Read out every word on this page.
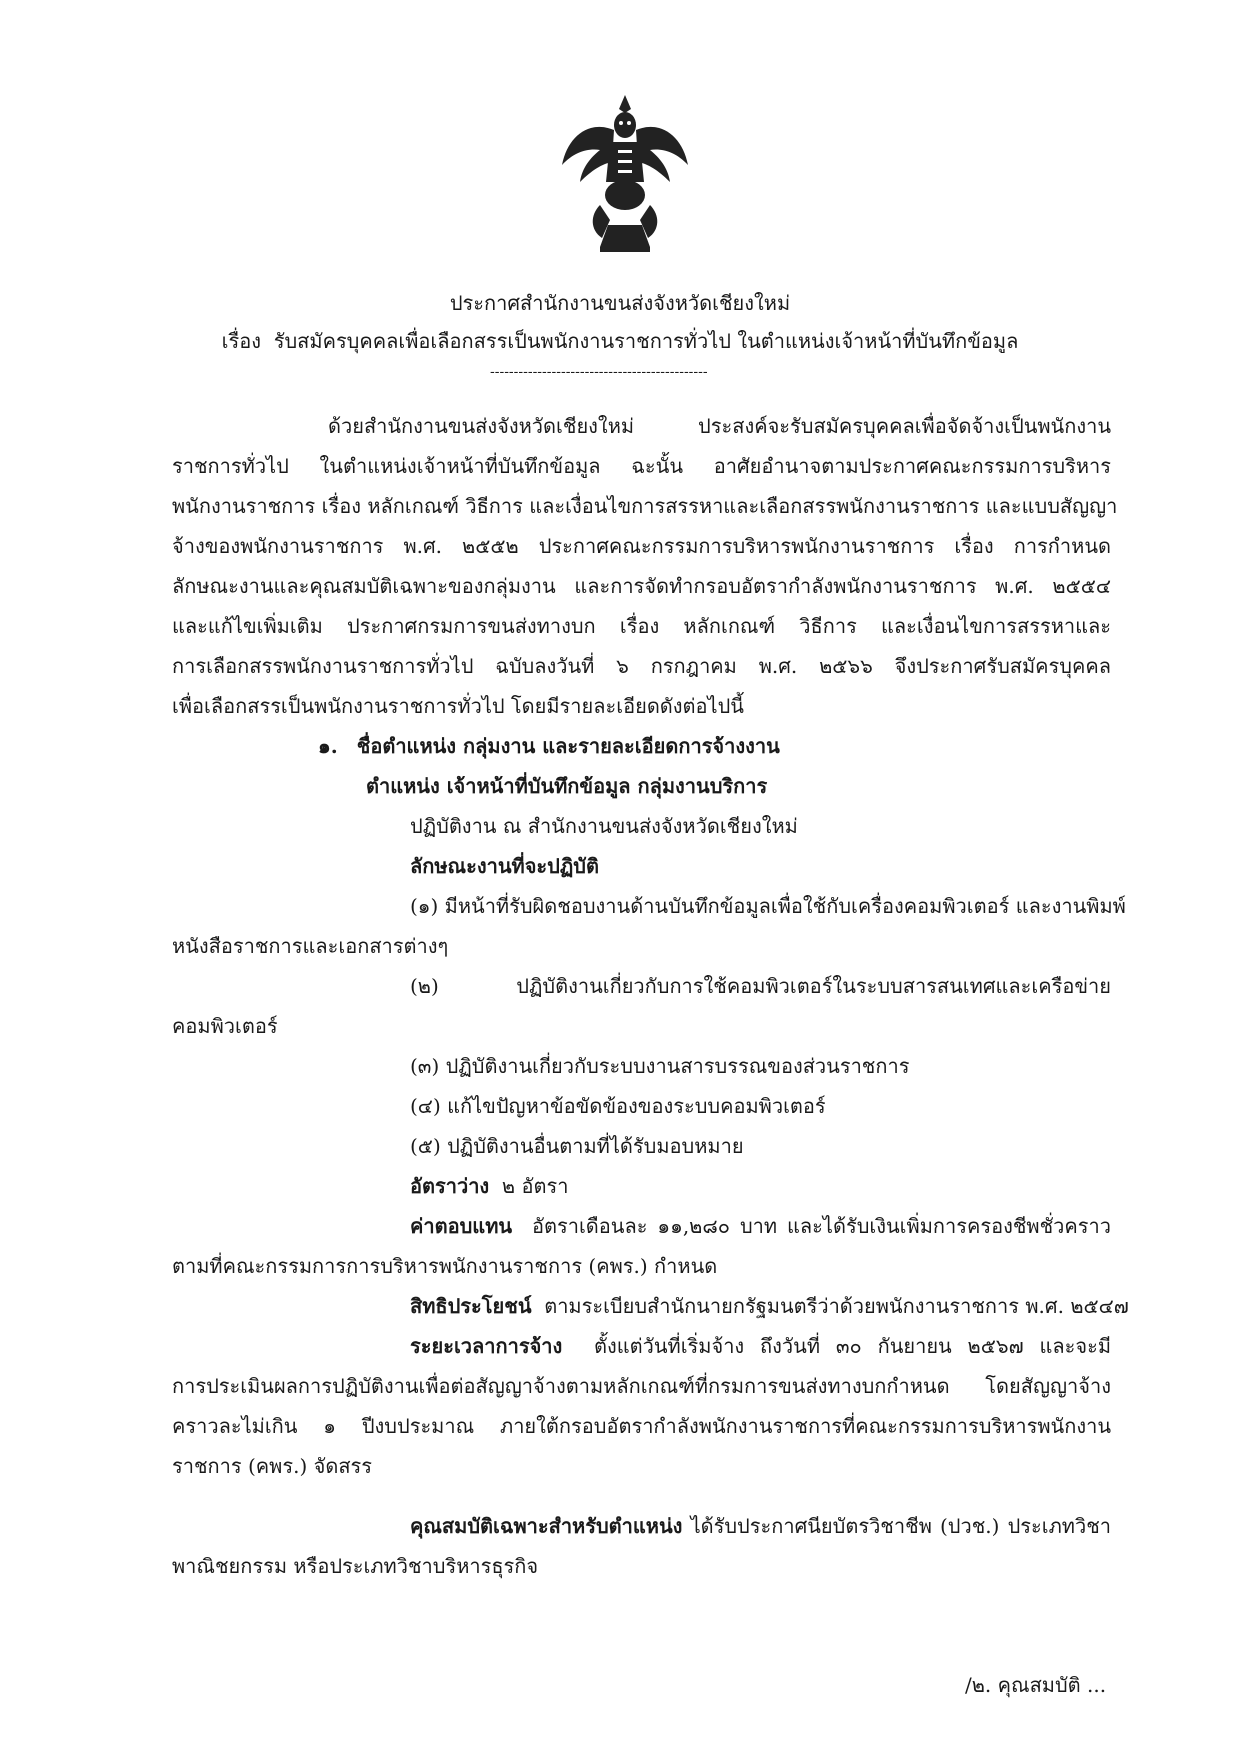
ประกาศสำนักงานขนส่งจังหวัดเชียงใหม่
เรื่อง รับสมัครบุคคลเพื่อเลือกสรรเป็นพนักงานราชการทั่วไป ในตำแหน่งเจ้าหน้าที่บันทึกข้อมูล
----------------------------------------------
ด้วยสำนักงานขนส่งจังหวัดเชียงใหม่ ประสงค์จะรับสมัครบุคคลเพื่อจัดจ้างเป็นพนักงาน
ราชการทั่วไป ในตำแหน่งเจ้าหน้าที่บันทึกข้อมูล ฉะนั้น อาศัยอำนาจตามประกาศคณะกรรมการบริหาร
พนักงานราชการ เรื่อง หลักเกณฑ์ วิธีการ และเงื่อนไขการสรรหาและเลือกสรรพนักงานราชการ และแบบสัญญา
จ้างของพนักงานราชการ พ.ศ. ๒๕๕๒ ประกาศคณะกรรมการบริหารพนักงานราชการ เรื่อง การกำหนด
ลักษณะงานและคุณสมบัติเฉพาะของกลุ่มงาน และการจัดทำกรอบอัตรากำลังพนักงานราชการ พ.ศ. ๒๕๕๔
และแก้ไขเพิ่มเติม ประกาศกรมการขนส่งทางบก เรื่อง หลักเกณฑ์ วิธีการ และเงื่อนไขการสรรหาและ
การเลือกสรรพนักงานราชการทั่วไป ฉบับลงวันที่ ๖ กรกฎาคม พ.ศ. ๒๕๖๖ จึงประกาศรับสมัครบุคคล
เพื่อเลือกสรรเป็นพนักงานราชการทั่วไป โดยมีรายละเอียดดังต่อไปนี้
๑. ชื่อตำแหน่ง กลุ่มงาน และรายละเอียดการจ้างงาน
ตำแหน่ง เจ้าหน้าที่บันทึกข้อมูล กลุ่มงานบริการ
ปฏิบัติงาน ณ สำนักงานขนส่งจังหวัดเชียงใหม่
ลักษณะงานที่จะปฏิบัติ
(๑) มีหน้าที่รับผิดชอบงานด้านบันทึกข้อมูลเพื่อใช้กับเครื่องคอมพิวเตอร์ และงานพิมพ์
หนังสือราชการและเอกสารต่างๆ
(๒) ปฏิบัติงานเกี่ยวกับการใช้คอมพิวเตอร์ในระบบสารสนเทศและเครือข่าย
คอมพิวเตอร์
(๓) ปฏิบัติงานเกี่ยวกับระบบงานสารบรรณของส่วนราชการ
(๔) แก้ไขปัญหาข้อขัดข้องของระบบคอมพิวเตอร์
(๕) ปฏิบัติงานอื่นตามที่ได้รับมอบหมาย
อัตราว่าง ๒ อัตรา
ค่าตอบแทน อัตราเดือนละ ๑๑,๒๘๐ บาท และได้รับเงินเพิ่มการครองชีพชั่วคราว
ตามที่คณะกรรมการการบริหารพนักงานราชการ (คพร.) กำหนด
สิทธิประโยชน์ ตามระเบียบสำนักนายกรัฐมนตรีว่าด้วยพนักงานราชการ พ.ศ. ๒๕๔๗
ระยะเวลาการจ้าง ตั้งแต่วันที่เริ่มจ้าง ถึงวันที่ ๓๐ กันยายน ๒๕๖๗ และจะมี
การประเมินผลการปฏิบัติงานเพื่อต่อสัญญาจ้างตามหลักเกณฑ์ที่กรมการขนส่งทางบกกำหนด โดยสัญญาจ้าง
คราวละไม่เกิน ๑ ปีงบประมาณ ภายใต้กรอบอัตรากำลังพนักงานราชการที่คณะกรรมการบริหารพนักงาน
ราชการ (คพร.) จัดสรร
คุณสมบัติเฉพาะสำหรับตำแหน่ง ได้รับประกาศนียบัตรวิชาชีพ (ปวช.) ประเภทวิชา
พาณิชยกรรม หรือประเภทวิชาบริหารธุรกิจ
/๒. คุณสมบัติ ...
